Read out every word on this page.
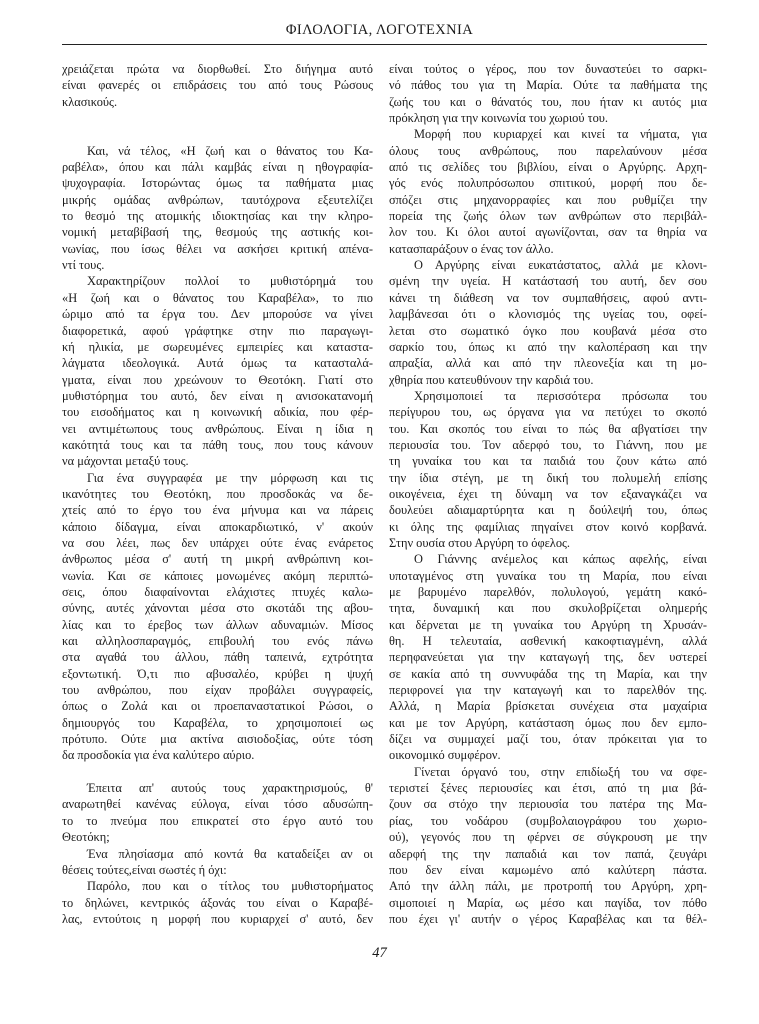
ΦΙΛΟΛΟΓΙΑ, ΛΟΓΟΤΕΧΝΙΑ
χρειάζεται πρώτα να διορθωθεί. Στο διήγημα αυτό
είναι φανερές οι επιδράσεις του από τους Ρώσους
κλασικούς.
Και, νά τέλος, «Η ζωή και ο θάνατος του Κα-
ραβέλα», όπου και πάλι καμβάς είναι η ηθογραφία-
ψυχογραφία. Ιστορώντας όμως τα παθήματα μιας
μικρής ομάδας ανθρώπων, ταυτόχρονα εξευτελίζει
το θεσμό της ατομικής ιδιοκτησίας και την κληρο-
νομική μεταβίβασή της, θεσμούς της αστικής κοι-
νωνίας, που ίσως θέλει να ασκήσει κριτική απένα-
ντί τους.
Χαρακτηρίζουν πολλοί το μυθιστόρημά του
«Η ζωή και ο θάνατος του Καραβέλα», το πιο
ώριμο από τα έργα του. Δεν μπορούσε να γίνει
διαφορετικά, αφού γράφτηκε στην πιο παραγωγι-
κή ηλικία, με σωρευμένες εμπειρίες και καταστα-
λάγματα ιδεολογικά. Αυτά όμως τα κατασταλά-
γματα, είναι που χρεώνουν το Θεοτόκη. Γιατί στο
μυθιστόρημα του αυτό, δεν είναι η ανισοκατανομή
του εισοδήματος και η κοινωνική αδικία, που φέρ-
νει αντιμέτωπους τους ανθρώπους. Είναι η ίδια η
κακότητά τους και τα πάθη τους, που τους κάνουν
να μάχονται μεταξύ τους.
Για ένα συγγραφέα με την μόρφωση και τις
ικανότητες του Θεοτόκη, που προσδοκάς να δε-
χτείς από το έργο του ένα μήνυμα και να πάρεις
κάποιο δίδαγμα, είναι αποκαρδιωτικό, ν' ακούν
να σου λέει, πως δεν υπάρχει ούτε ένας ενάρετος
άνθρωπος μέσα σ' αυτή τη μικρή ανθρώπινη κοι-
νωνία. Και σε κάποιες μονωμένες ακόμη περιπτώ-
σεις, όπου διαφαίνονται ελάχιστες πτυχές καλω-
σύνης, αυτές χάνονται μέσα στο σκοτάδι της αβου-
λίας και το έρεβος των άλλων αδυναμιών. Μίσος
και αλληλοσπαραγμός, επιβουλή του ενός πάνω
στα αγαθά του άλλου, πάθη ταπεινά, εχτρότητα
εξοντωτική. Ό,τι πιο αβυσαλέο, κρύβει η ψυχή
του ανθρώπου, που είχαν προβάλει συγγραφείς,
όπως ο Ζολά και οι προεπαναστατικοί Ρώσοι, ο
δημιουργός του Καραβέλα, το χρησιμοποιεί ως
πρότυπο. Ούτε μια ακτίνα αισιοδοξίας, ούτε τόση
δα προσδοκία για ένα καλύτερο αύριο.
Έπειτα απ' αυτούς τους χαρακτηρισμούς, θ'
αναρωτηθεί κανένας εύλογα, είναι τόσο αδυσώπη-
το το πνεύμα που επικρατεί στο έργο αυτό του
Θεοτόκη;
Ένα πλησίασμα από κοντά θα καταδείξει αν οι
θέσεις τούτες,είναι σωστές ή όχι:
Παρόλο, που και ο τίτλος του μυθιστορήματος
το δηλώνει, κεντρικός άξονάς του είναι ο Καραβέ-
λας, εντούτοις η μορφή που κυριαρχεί σ' αυτό, δεν
είναι τούτος ο γέρος, που τον δυναστεύει το σαρκι-
νό πάθος του για τη Μαρία. Ούτε τα παθήματα της
ζωής του και ο θάνατός του, που ήταν κι αυτός μια
πρόκληση για την κοινωνία του χωριού του.
Μορφή που κυριαρχεί και κινεί τα νήματα, για
όλους τους ανθρώπους, που παρελαύνουν μέσα
από τις σελίδες του βιβλίου, είναι ο Αργύρης. Αρχη-
γός ενός πολυπρόσωπου σπιτικού, μορφή που δε-
σπόζει στις μηχανορραφίες και που ρυθμίζει την
πορεία της ζωής όλων των ανθρώπων στο περιβάλ-
λον του. Κι όλοι αυτοί αγωνίζονται, σαν τα θηρία να
κατασπαράξουν ο ένας τον άλλο.
Ο Αργύρης είναι ευκατάστατος, αλλά με κλονι-
σμένη την υγεία. Η κατάστασή του αυτή, δεν σου
κάνει τη διάθεση να τον συμπαθήσεις, αφού αντι-
λαμβάνεσαι ότι ο κλονισμός της υγείας του, οφεί-
λεται στο σωματικό όγκο που κουβανά μέσα στο
σαρκίο του, όπως κι από την καλοπέραση και την
απραξία, αλλά και από την πλεονεξία και τη μο-
χθηρία που κατευθύνουν την καρδιά του.
Χρησιμοποιεί τα περισσότερα πρόσωπα του
περίγυρου του, ως όργανα για να πετύχει το σκοπό
του. Και σκοπός του είναι το πώς θα αβγατίσει την
περιουσία του. Τον αδερφό του, το Γιάννη, που με
τη γυναίκα του και τα παιδιά του ζουν κάτω από
την ίδια στέγη, με τη δική του πολυμελή επίσης
οικογένεια, έχει τη δύναμη να τον εξαναγκάζει να
δουλεύει αδιαμαρτύρητα και η δούλεψή του, όπως
κι όλης της φαμίλιας πηγαίνει στον κοινό κορβανά.
Στην ουσία στου Αργύρη το όφελος.
Ο Γιάννης ανέμελος και κάπως αφελής, είναι
υποταγμένος στη γυναίκα του τη Μαρία, που είναι
με βαρυμένο παρελθόν, πολυλογού, γεμάτη κακό-
τητα, δυναμική και που σκυλοβρίζεται ολημερής
και δέρνεται με τη γυναίκα του Αργύρη τη Χρυσάν-
θη. Η τελευταία, ασθενική κακοφτιαγμένη, αλλά
περηφανεύεται για την καταγωγή της, δεν υστερεί
σε κακία από τη συννυφάδα της τη Μαρία, και την
περιφρονεί για την καταγωγή και το παρελθόν της.
Αλλά, η Μαρία βρίσκεται συνέχεια στα μαχαίρια
και με τον Αργύρη, κατάσταση όμως που δεν εμπο-
δίζει να συμμαχεί μαζί του, όταν πρόκειται για το
οικονομικό συμφέρον.
Γίνεται όργανό του, στην επιδίωξή του να σφε-
τεριστεί ξένες περιουσίες και έτσι, από τη μια βά-
ζουν σα στόχο την περιουσία του πατέρα της Μα-
ρίας, του νοδάρου (συμβολαιογράφου του χωριο-
ού), γεγονός που τη φέρνει σε σύγκρουση με την
αδερφή της την παπαδιά και τον παπά, ζευγάρι
που δεν είναι καμωμένο από καλύτερη πάστα.
Από την άλλη πάλι, με προτροπή του Αργύρη, χρη-
σιμοποιεί η Μαρία, ως μέσο και παγίδα, τον πόθο
που έχει γι' αυτήν ο γέρος Καραβέλας και τα θέλ-
47
